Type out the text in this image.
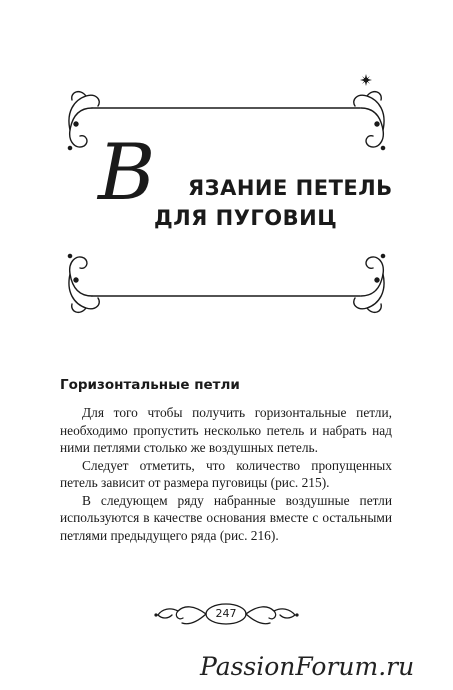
В ЯЗАНИЕ ПЕТЕЛЬ
ДЛЯ ПУГОВИЦ
Горизонтальные петли

Для того чтобы получить горизонтальные петли, необходимо пропустить несколько петель и набрать над ними петлями столько же воздушных петель.

Следует отметить, что количество пропущенных петель зависит от размера пуговицы (рис. 215).

В следующем ряду набранные воздушные петли используются в качестве основания вместе с остальными петлями предыдущего ряда (рис. 216).

247
PassionForum.ru
